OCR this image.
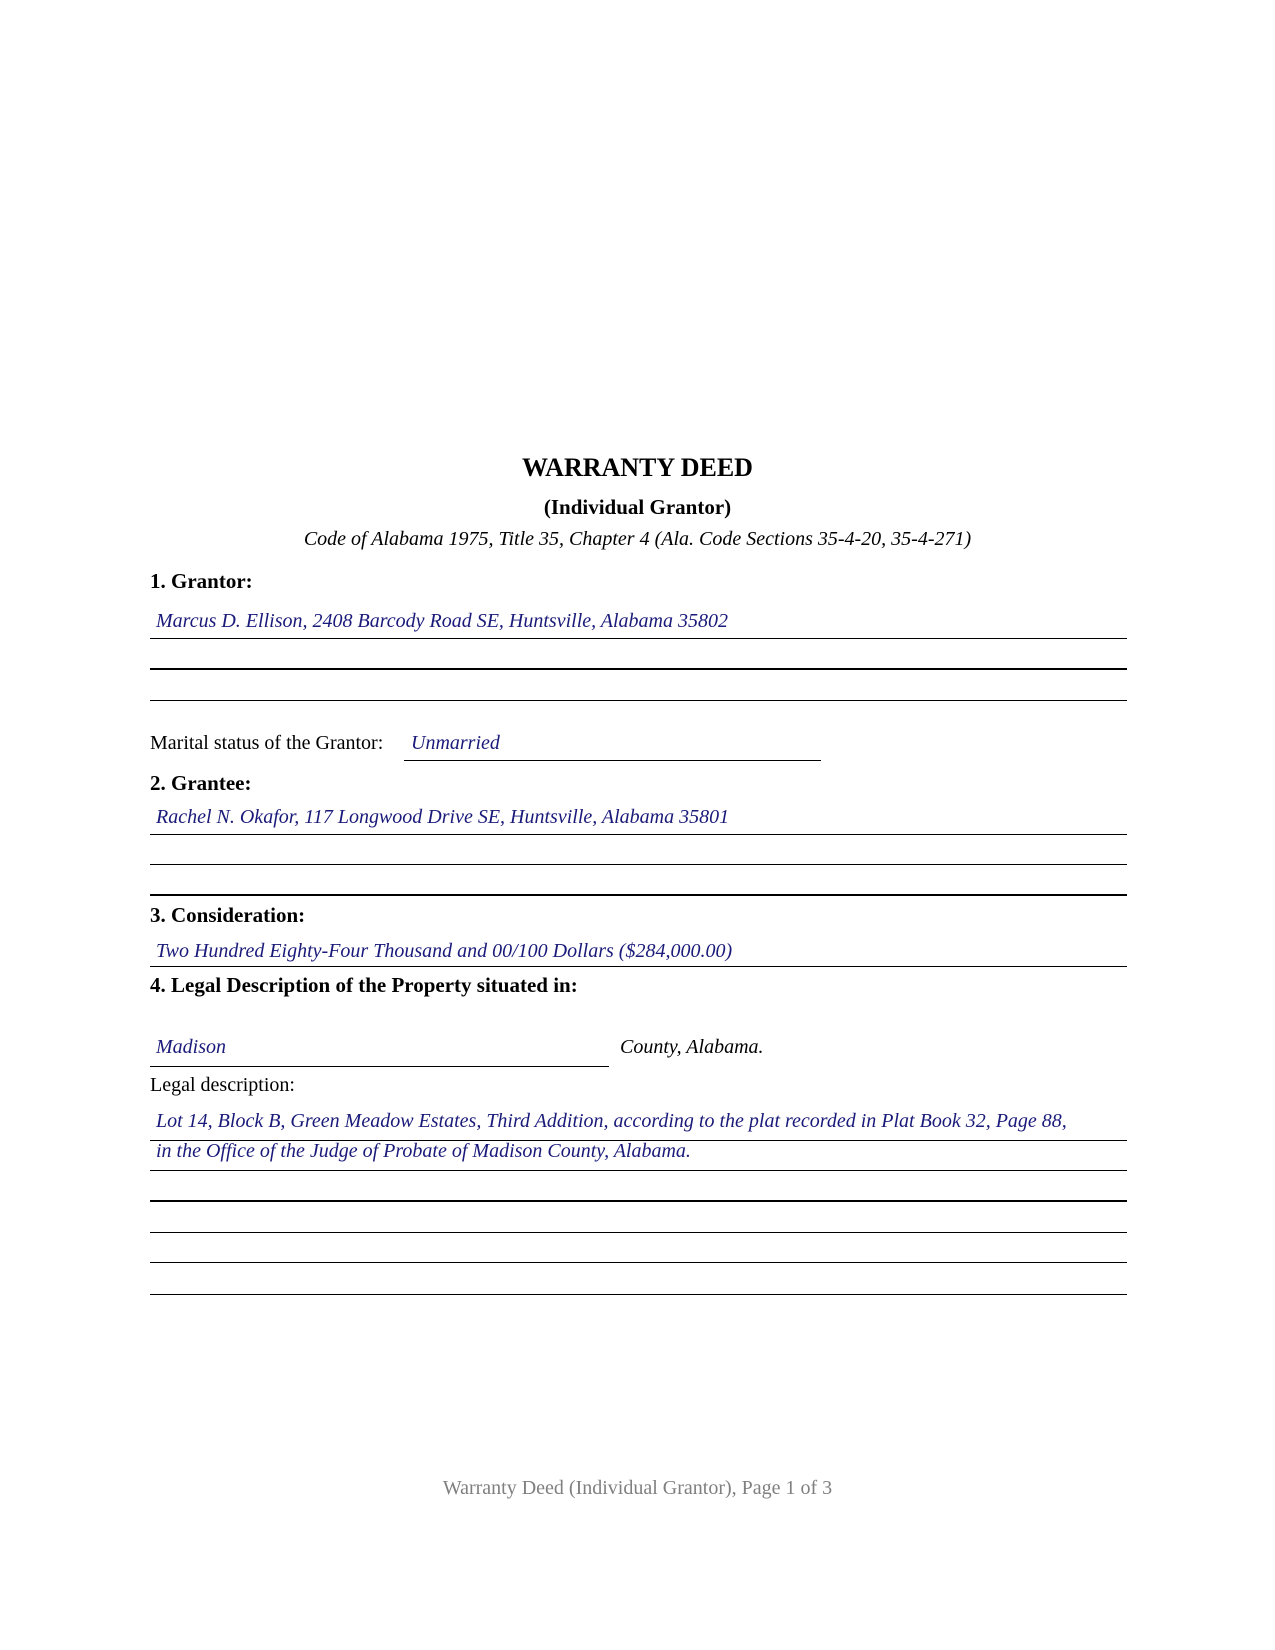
WARRANTY DEED
(Individual Grantor)
Code of Alabama 1975, Title 35, Chapter 4 (Ala. Code Sections 35-4-20, 35-4-271)
1. Grantor:
Marcus D. Ellison, 2408 Barcody Road SE, Huntsville, Alabama 35802
Marital status of the Grantor: Unmarried
2. Grantee:
Rachel N. Okafor, 117 Longwood Drive SE, Huntsville, Alabama 35801
3. Consideration:
Two Hundred Eighty-Four Thousand and 00/100 Dollars ($284,000.00)
4. Legal Description of the Property situated in:
Madison	County, Alabama.
Legal description:
Lot 14, Block B, Green Meadow Estates, Third Addition, according to the plat recorded in Plat Book 32, Page 88,
in the Office of the Judge of Probate of Madison County, Alabama.
Warranty Deed (Individual Grantor), Page 1 of 3
